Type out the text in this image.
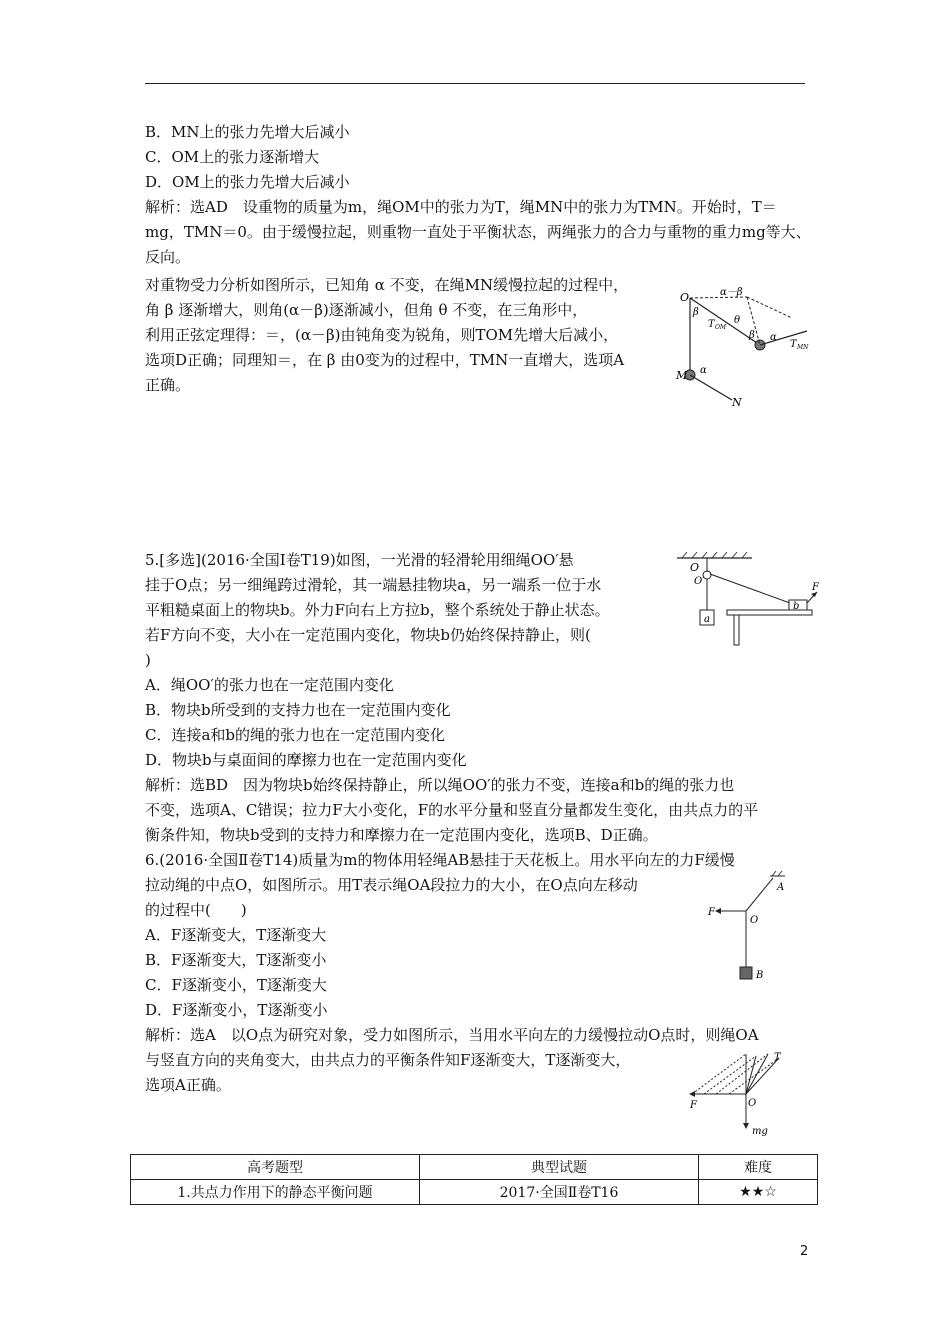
B．MN上的张力先增大后减小
C．OM上的张力逐渐增大
D．OM上的张力先增大后减小
解析：选AD　设重物的质量为m，绳OM中的张力为T，绳MN中的张力为TMN。开始时，T＝
mg，TMN＝0。由于缓慢拉起，则重物一直处于平衡状态，两绳张力的合力与重物的重力mg等大、
反向。
对重物受力分析如图所示，已知角 α 不变，在绳MN缓慢拉起的过程中，
角 β 逐渐增大，则角(α－β)逐渐减小，但角 θ 不变，在三角形中，
利用正弦定理得：＝，(α－β)由钝角变为锐角，则TOM先增大后减小，
选项D正确；同理知＝，在 β 由0变为的过程中，TMN一直增大，选项A
正确。
5.[多选](2016·全国Ⅰ卷T19)如图，一光滑的轻滑轮用细绳OO′悬
挂于O点；另一细绳跨过滑轮，其一端悬挂物块a，另一端系一位于水
平粗糙桌面上的物块b。外力F向右上方拉b，整个系统处于静止状态。
若F方向不变，大小在一定范围内变化，物块b仍始终保持静止，则(
)
A．绳OO′的张力也在一定范围内变化
B．物块b所受到的支持力也在一定范围内变化
C．连接a和b的绳的张力也在一定范围内变化
D．物块b与桌面间的摩擦力也在一定范围内变化
解析：选BD　因为物块b始终保持静止，所以绳OO′的张力不变，连接a和b的绳的张力也
不变，选项A、C错误；拉力F大小变化，F的水平分量和竖直分量都发生变化，由共点力的平
衡条件知，物块b受到的支持力和摩擦力在一定范围内变化，选项B、D正确。
6.(2016·全国Ⅱ卷T14)质量为m的物体用轻绳AB悬挂于天花板上。用水平向左的力F缓慢
拉动绳的中点O，如图所示。用T表示绳OA段拉力的大小，在O点向左移动
的过程中(　　)
A．F逐渐变大，T逐渐变大
B．F逐渐变大，T逐渐变小
C．F逐渐变小，T逐渐变大
D．F逐渐变小，T逐渐变小
解析：选A　以O点为研究对象，受力如图所示，当用水平向左的力缓慢拉动O点时，则绳OA
与竖直方向的夹角变大，由共点力的平衡条件知F逐渐变大，T逐渐变大，
选项A正确。
O	α－β
β
θ
T OM
β α
T MN
M α
N
O
O′
a
b
F
A
F
O
B
T
F	O
mg
高考题型	典型试题	难度
1.共点力作用下的静态平衡问题	2017·全国Ⅱ卷T16	★★☆
2
